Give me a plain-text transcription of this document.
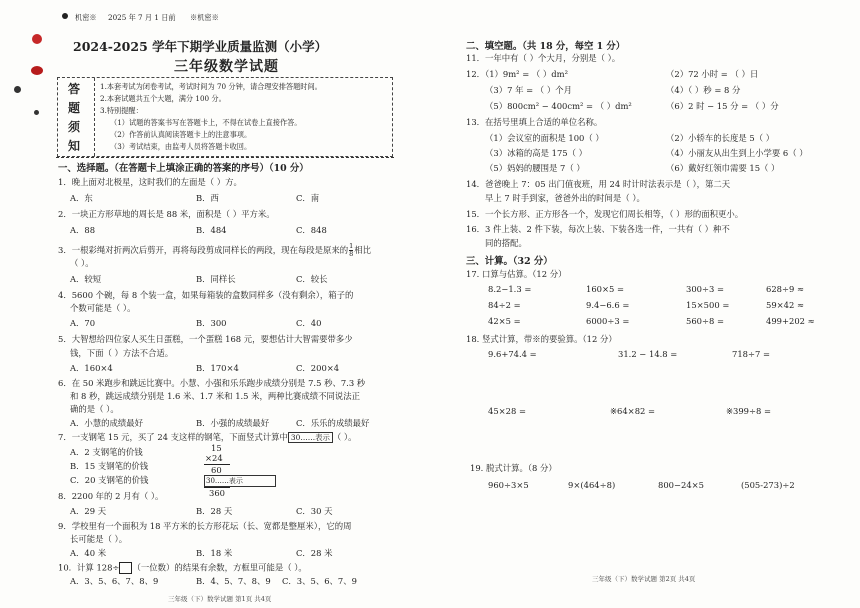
机密※ 2025 年 7 月 1 日前 ※机密※
2024-2025 学年下期学业质量监测（小学）
三年级数学试题
答
题
须
知
1.本套考试为闭卷考试，考试时间为 70 分钟，请合理安排答题时间。
2.本套试题共五个大题，满分 100 分。
3.特别提醒：
（1）试题的答案书写在答题卡上，不得在试卷上直接作答。
（2）作答前认真阅读答题卡上的注意事项。
（3）考试结束，由监考人员将答题卡收回。
一、选择题。（在答题卡上填涂正确的答案的序号）（10 分）
1．晚上面对北极星，这时我们的左面是（ ）方。
A．东	B．西	C．南
2．一块正方形草地的周长是 88 米，面积是（ ）平方米。
A．88	B．484	C．848
3．一根彩绳对折两次后剪开，再将每段剪成同样长的两段，现在每段是原来的 $\frac{1}{8}$ 相比
（ ）。
A．较短	B．同样长	C．较长
4．5600 个碗，每 8 个装一盒，如果每箱装的盒数同样多（没有剩余），箱子的
个数可能是（ ）。
A．70	B．300	C．40
5．大智想给四位家人买生日蛋糕，一个蛋糕 168 元，要想估计大智需要带多少
钱，下面（ ）方法不合适。
A．160×4	B．170×4	C．200×4
6．在 50 米跑步和跳远比赛中。小慧、小强和乐乐跑步成绩分别是 7.5 秒、7.3 秒
和 8 秒，跳远成绩分别是 1.6 米、1.7 米和 1.5 米，两种比赛成绩不同说法正
确的是（ ）。
A．小慧的成绩最好	B．小强的成绩最好	C．乐乐的成绩最好
7．一支钢笔 15 元，买了 24 支这样的钢笔，下面竖式计算中 30……表示 （ ）。
A．2 支钢笔的价钱
B．15 支钢笔的价钱
C．20 支钢笔的价钱
15
×24
60
30……表示
360
8．2200 年的 2 月有（ ）。
A．29 天	B．28 天	C．30 天
9．学校里有一个面积为 18 平方米的长方形花坛（长、宽都是整厘米），它的周
长可能是（ ）。
A．40 米	B．18 米	C．28 米
10．计算 128÷ （一位数）的结果有余数，方框里可能是（ ）。
A．3、5、6、7、8、9	B．4、5、7、8、9 C．3、5、6、7、9
三年级（下）数学试题 第1页 共4页
二、填空题。（共 18 分，每空 1 分）
11．一年中有（ ）个大月，分别是（ ）。
12．（1）9m² = （ ）dm²	（2）72 小时 = （ ）日
（3）7 年 = （ ）个月	（4）（ ）秒 = 8 分
（5）800cm² − 400cm² = （ ）dm²	（6）2 时 − 15 分 = （ ）分
13．在括号里填上合适的单位名称。
（1）会议室的面积是 100（ ）	（2）小轿车的长度是 5（ ）
（3）冰箱的高是 175（ ）	（4）小丽友从出生到上小学要 6（ ）
（5）妈妈的腰围是 7（ ）	（6）戴好红领巾需要 15（ ）
14．爸爸晚上 7：05 出门值夜班，用 24 时计时法表示是（ ），第二天
早上 7 时手到家，爸爸外出的时间是（ ）。
15．一个长方形、正方形各一个，发现它们周长相等，（ ）形的面积更小。
16．3 件上装、2 件下装，每次上装、下装各选一件，一共有（ ）种不
同的搭配。
三、计算。（32 分）
17. 口算与估算。（12 分）
8.2−1.3 =	160×5 =	300÷3 =	628÷9 ≈
84÷2 =	9.4−6.6 =	15×500 =	59×42 ≈
42×5 =	6000÷3 =	560÷8 =	499+202 ≈
18. 竖式计算，带※的要验算。（12 分）
9.6+74.4 =	31.2 − 14.8 =	718÷7 =
45×28 =	※64×82 =	※399÷8 =
19. 脱式计算。（8 分）
960÷3×5	9×(464÷8)	800−24×5	(505-273)÷2
三年级（下）数学试题 第2页 共4页
